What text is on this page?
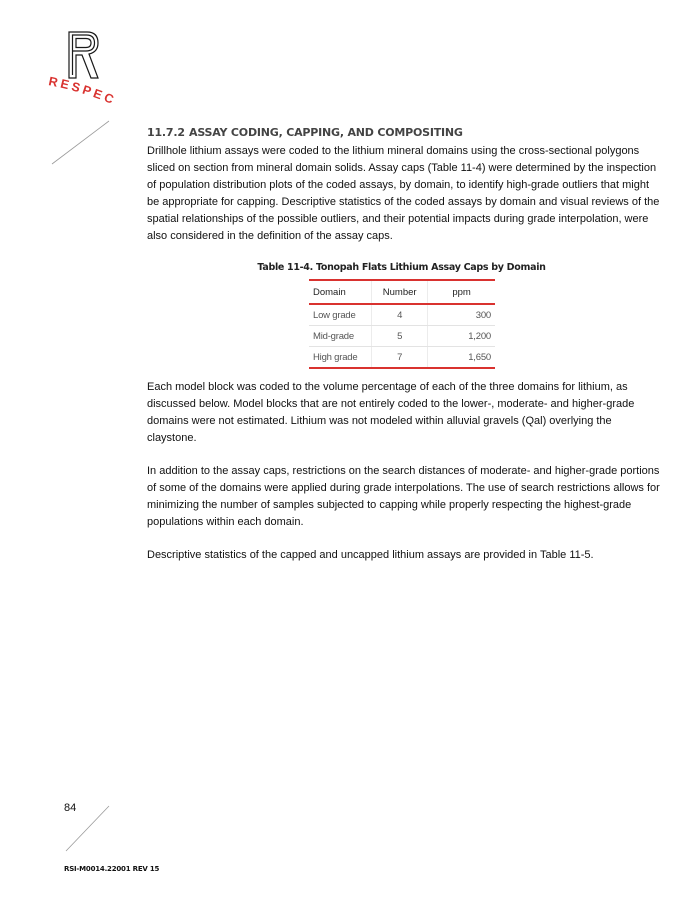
RESPEC
11.7.2 ASSAY CODING, CAPPING, AND COMPOSITING

Drillhole lithium assays were coded to the lithium mineral domains using the cross-sectional polygons sliced on section from mineral domain solids. Assay caps (Table 11-4) were determined by the inspection of population distribution plots of the coded assays, by domain, to identify high-grade outliers that might be appropriate for capping. Descriptive statistics of the coded assays by domain and visual reviews of the spatial relationships of the possible outliers, and their potential impacts during grade interpolation, were also considered in the definition of the assay caps.

Table 11-4. Tonopah Flats Lithium Assay Caps by Domain
Domain	Number	ppm
Low grade	4	300
Mid-grade	5	1,200
High grade	7	1,650

Each model block was coded to the volume percentage of each of the three domains for lithium, as discussed below. Model blocks that are not entirely coded to the lower-, moderate- and higher-grade domains were not estimated. Lithium was not modeled within alluvial gravels (Qal) overlying the claystone.

In addition to the assay caps, restrictions on the search distances of moderate- and higher-grade portions of some of the domains were applied during grade interpolations. The use of search restrictions allows for minimizing the number of samples subjected to capping while properly respecting the highest-grade populations within each domain.

Descriptive statistics of the capped and uncapped lithium assays are provided in Table 11-5.

84
RSI-M0014.22001 REV 15
